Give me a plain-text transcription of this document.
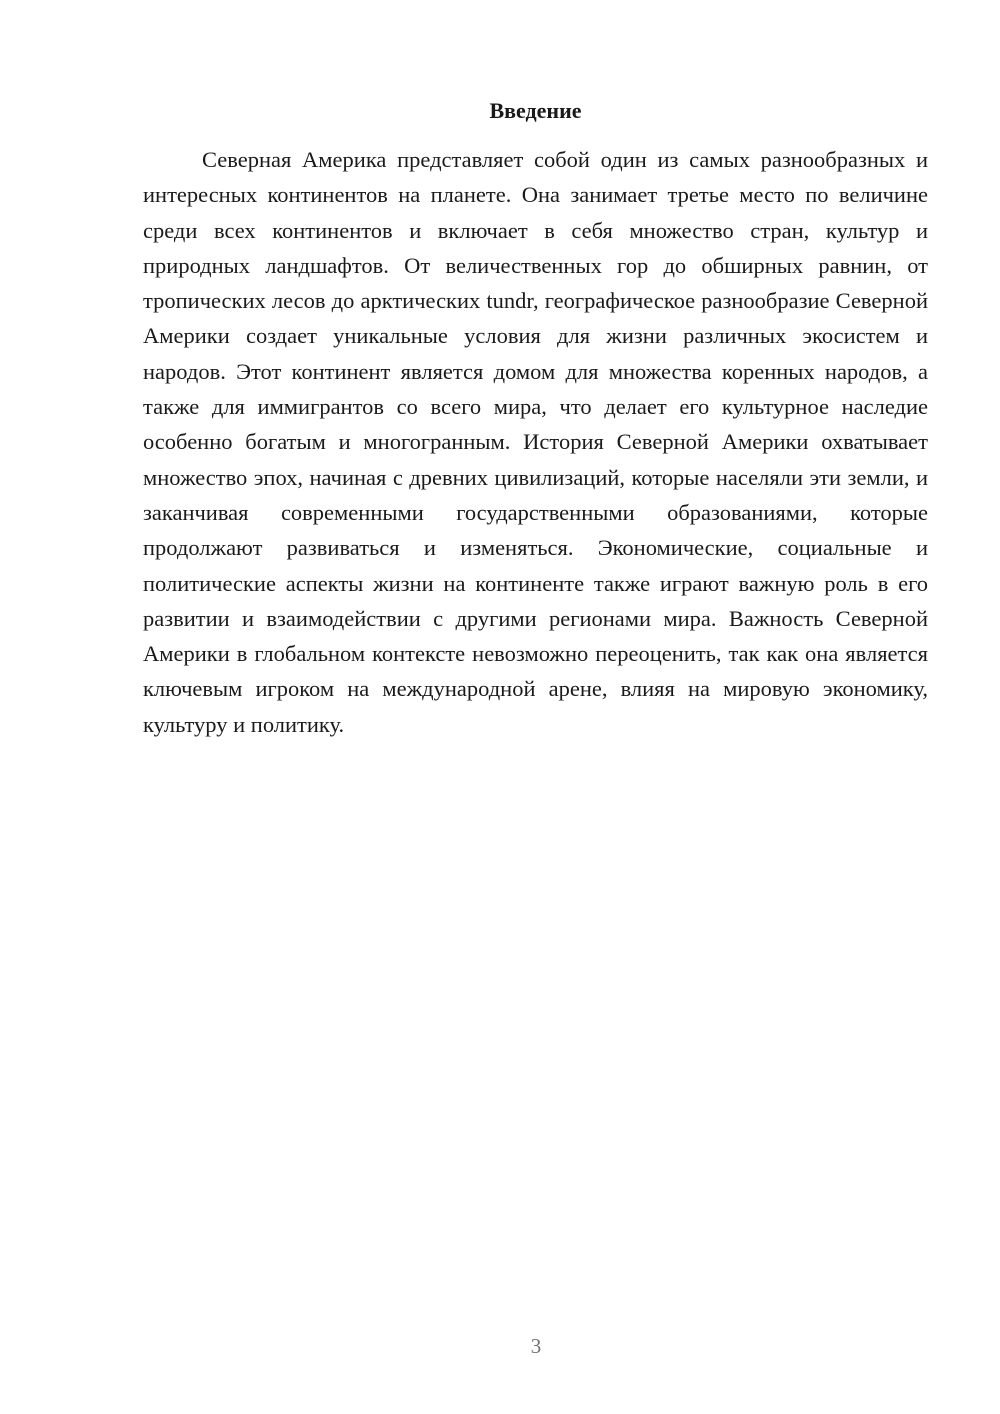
Введение

Северная Америка представляет собой один из самых разнообразных и интересных континентов на планете. Она занимает третье место по величине среди всех континентов и включает в себя множество стран, культур и природных ландшафтов. От величественных гор до обширных равнин, от тропических лесов до арктических tundr, географическое разнообразие Северной Америки создает уникальные условия для жизни различных экосистем и народов. Этот континент является домом для множества коренных народов, а также для иммигрантов со всего мира, что делает его культурное наследие особенно богатым и многогранным. История Северной Америки охватывает множество эпох, начиная с древних цивилизаций, которые населяли эти земли, и заканчивая современными государственными образованиями, которые продолжают развиваться и изменяться. Экономические, социальные и политические аспекты жизни на континенте также играют важную роль в его развитии и взаимодействии с другими регионами мира. Важность Северной Америки в глобальном контексте невозможно переоценить, так как она является ключевым игроком на международной арене, влияя на мировую экономику, культуру и политику.

3
